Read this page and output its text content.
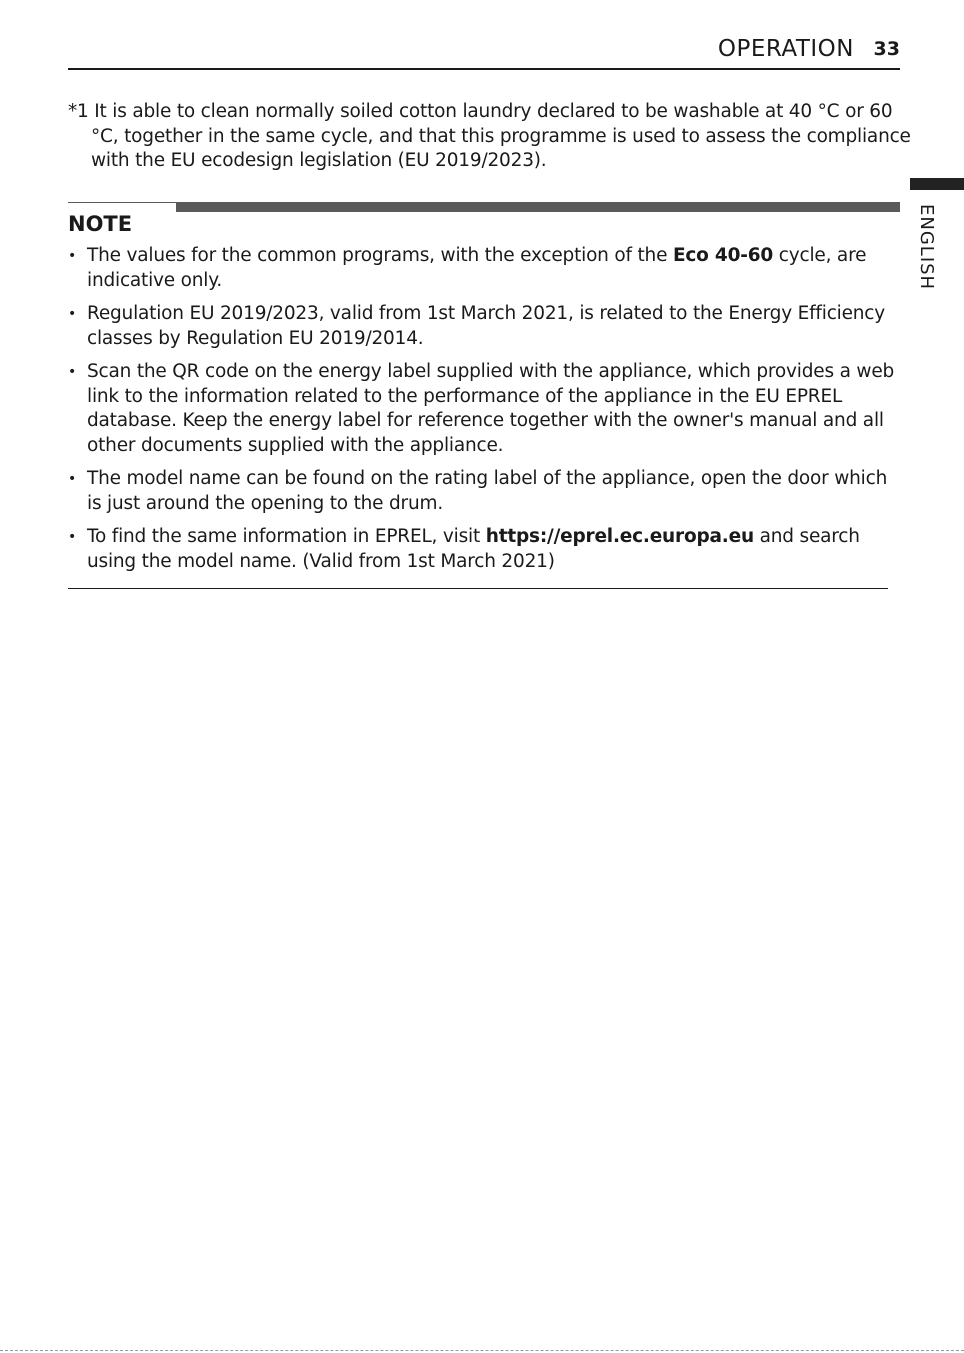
OPERATION 33
ENGLISH

*1 It is able to clean normally soiled cotton laundry declared to be washable at 40 °C or 60 °C, together in the same cycle, and that this programme is used to assess the compliance with the EU ecodesign legislation (EU 2019/2023).

NOTE
• The values for the common programs, with the exception of the Eco 40-60 cycle, are indicative only.
• Regulation EU 2019/2023, valid from 1st March 2021, is related to the Energy Efficiency classes by Regulation EU 2019/2014.
• Scan the QR code on the energy label supplied with the appliance, which provides a web link to the information related to the performance of the appliance in the EU EPREL database. Keep the energy label for reference together with the owner's manual and all other documents supplied with the appliance.
• The model name can be found on the rating label of the appliance, open the door which is just around the opening to the drum.
• To find the same information in EPREL, visit https://eprel.ec.europa.eu and search using the model name. (Valid from 1st March 2021)
